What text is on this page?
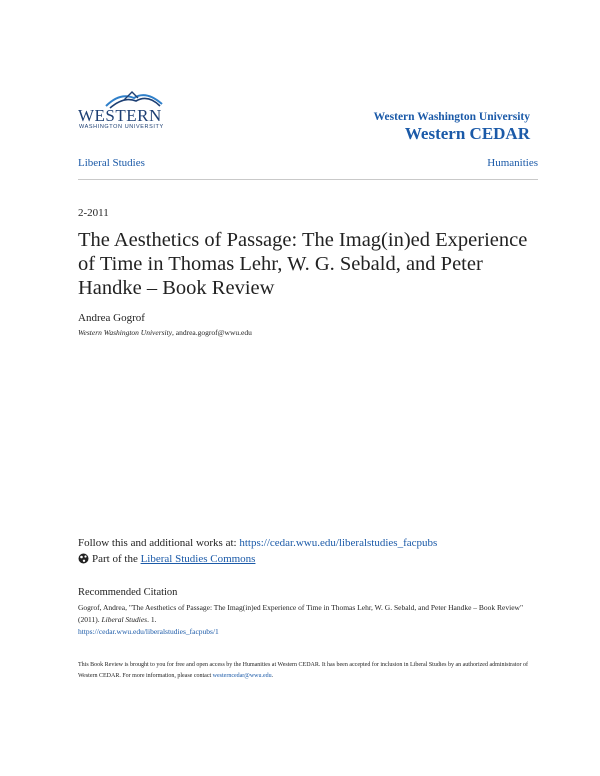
WESTERN
WASHINGTON UNIVERSITY
Western Washington University
Western CEDAR
Liberal Studies	Humanities
2-2011
The Aesthetics of Passage: The Imag(in)ed Experience of Time in Thomas Lehr, W. G. Sebald, and Peter Handke – Book Review
Andrea Gogrof
Western Washington University, andrea.gogrof@wwu.edu
Follow this and additional works at: https://cedar.wwu.edu/liberalstudies_facpubs
Part of the Liberal Studies Commons
Recommended Citation
Gogrof, Andrea, "The Aesthetics of Passage: The Imag(in)ed Experience of Time in Thomas Lehr, W. G. Sebald, and Peter Handke – Book Review" (2011). Liberal Studies. 1.
https://cedar.wwu.edu/liberalstudies_facpubs/1
This Book Review is brought to you for free and open access by the Humanities at Western CEDAR. It has been accepted for inclusion in Liberal Studies by an authorized administrator of Western CEDAR. For more information, please contact westerncedar@wwu.edu.
